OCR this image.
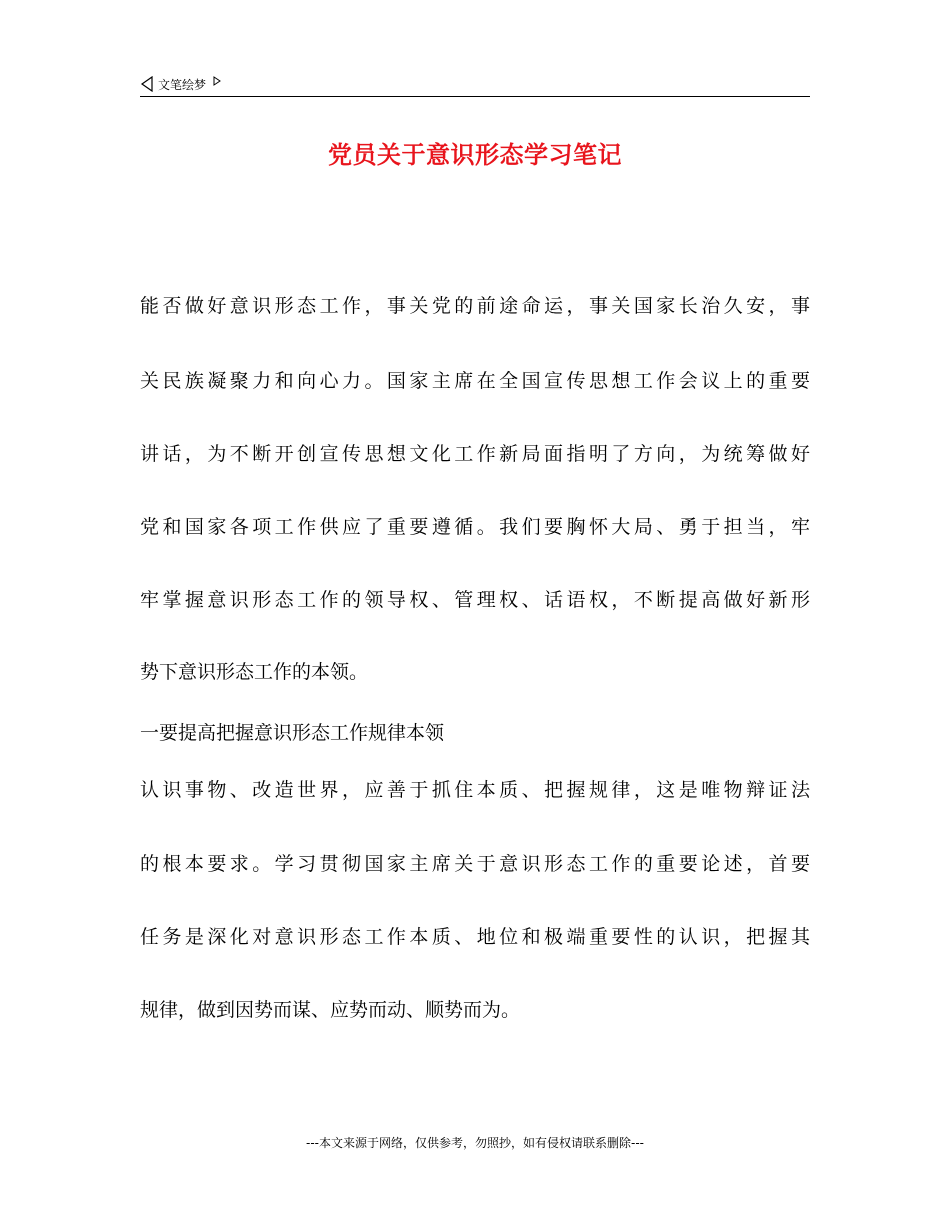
文笔绘梦
党员关于意识形态学习笔记
能否做好意识形态工作，事关党的前途命运，事关国家长治久安，事
关民族凝聚力和向心力。国家主席在全国宣传思想工作会议上的重要
讲话，为不断开创宣传思想文化工作新局面指明了方向，为统筹做好
党和国家各项工作供应了重要遵循。我们要胸怀大局、勇于担当，牢
牢掌握意识形态工作的领导权、管理权、话语权，不断提高做好新形
势下意识形态工作的本领。
一要提高把握意识形态工作规律本领
认识事物、改造世界，应善于抓住本质、把握规律，这是唯物辩证法
的根本要求。学习贯彻国家主席关于意识形态工作的重要论述，首要
任务是深化对意识形态工作本质、地位和极端重要性的认识，把握其
规律，做到因势而谋、应势而动、顺势而为。
---本文来源于网络，仅供参考，勿照抄，如有侵权请联系删除---
